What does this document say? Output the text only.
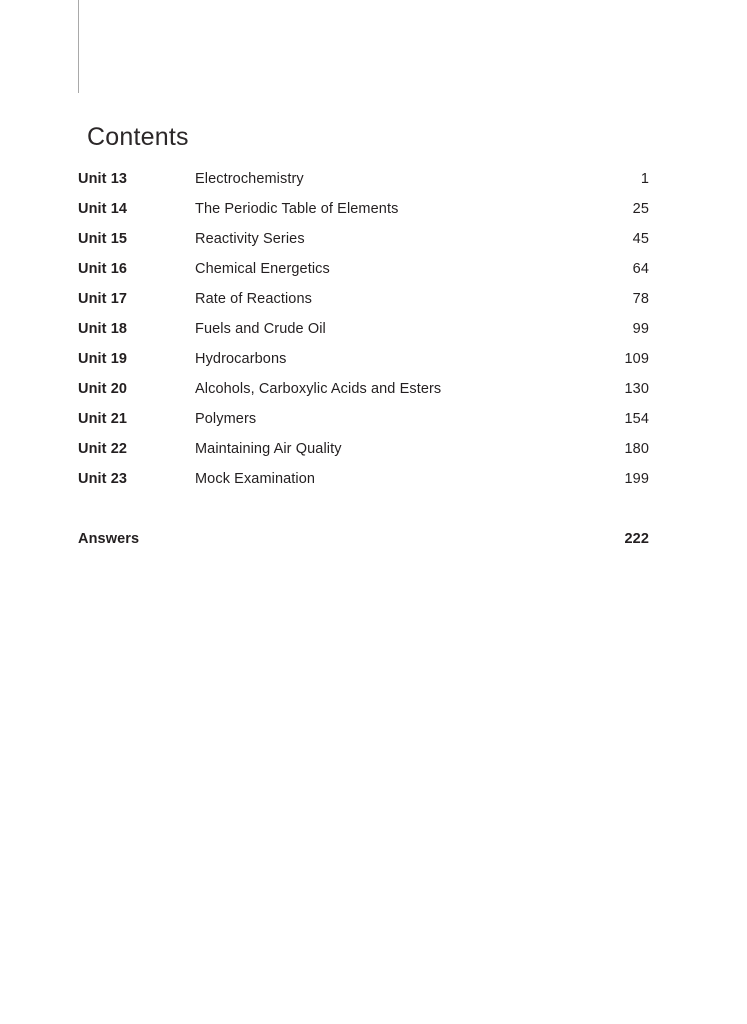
Contents
Unit 13	Electrochemistry	1
Unit 14	The Periodic Table of Elements	25
Unit 15	Reactivity Series	45
Unit 16	Chemical Energetics	64
Unit 17	Rate of Reactions	78
Unit 18	Fuels and Crude Oil	99
Unit 19	Hydrocarbons	109
Unit 20	Alcohols, Carboxylic Acids and Esters	130
Unit 21	Polymers	154
Unit 22	Maintaining Air Quality	180
Unit 23	Mock Examination	199
Answers	222
